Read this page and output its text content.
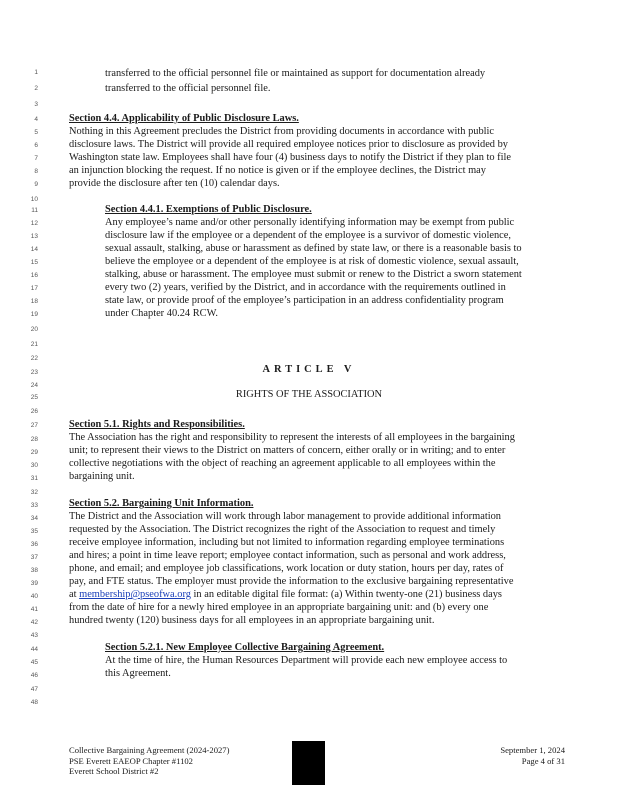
1
2
3
4
5
6
7
8
9
10
11
12
13
14
15
16
17
18
19
20
21
22
23
24
25
26
27
28
29
30
31
32
33
34
35
36
37
38
39
40
41
42
43
44
45
46
47
48
transferred to the official personnel file or maintained as support for documentation already
transferred to the official personnel file.
Section 4.4. Applicability of Public Disclosure Laws.
Nothing in this Agreement precludes the District from providing documents in accordance with public
disclosure laws. The District will provide all required employee notices prior to disclosure as provided by
Washington state law. Employees shall have four (4) business days to notify the District if they plan to file
an injunction blocking the request. If no notice is given or if the employee declines, the District may
provide the disclosure after ten (10) calendar days.
Section 4.4.1. Exemptions of Public Disclosure.
Any employee’s name and/or other personally identifying information may be exempt from public
disclosure law if the employee or a dependent of the employee is a survivor of domestic violence,
sexual assault, stalking, abuse or harassment as defined by state law, or there is a reasonable basis to
believe the employee or a dependent of the employee is at risk of domestic violence, sexual assault,
stalking, abuse or harassment. The employee must submit or renew to the District a sworn statement
every two (2) years, verified by the District, and in accordance with the requirements outlined in
state law, or provide proof of the employee’s participation in an address confidentiality program
under Chapter 40.24 RCW.
ARTICLE V
RIGHTS OF THE ASSOCIATION
Section 5.1. Rights and Responsibilities.
The Association has the right and responsibility to represent the interests of all employees in the bargaining
unit; to represent their views to the District on matters of concern, either orally or in writing; and to enter
collective negotiations with the object of reaching an agreement applicable to all employees within the
bargaining unit.
Section 5.2. Bargaining Unit Information.
The District and the Association will work through labor management to provide additional information
requested by the Association. The District recognizes the right of the Association to request and timely
receive employee information, including but not limited to information regarding employee terminations
and hires; a point in time leave report; employee contact information, such as personal and work address,
phone, and email; and employee job classifications, work location or duty station, hours per day, rates of
pay, and FTE status. The employer must provide the information to the exclusive bargaining representative
at membership@pseofwa.org in an editable digital file format: (a) Within twenty-one (21) business days
from the date of hire for a newly hired employee in an appropriate bargaining unit: and (b) every one
hundred twenty (120) business days for all employees in an appropriate bargaining unit.
Section 5.2.1. New Employee Collective Bargaining Agreement.
At the time of hire, the Human Resources Department will provide each new employee access to
this Agreement.
Collective Bargaining Agreement (2024-2027)
PSE Everett EAEOP Chapter #1102
Everett School District #2
September 1, 2024
Page 4 of 31
